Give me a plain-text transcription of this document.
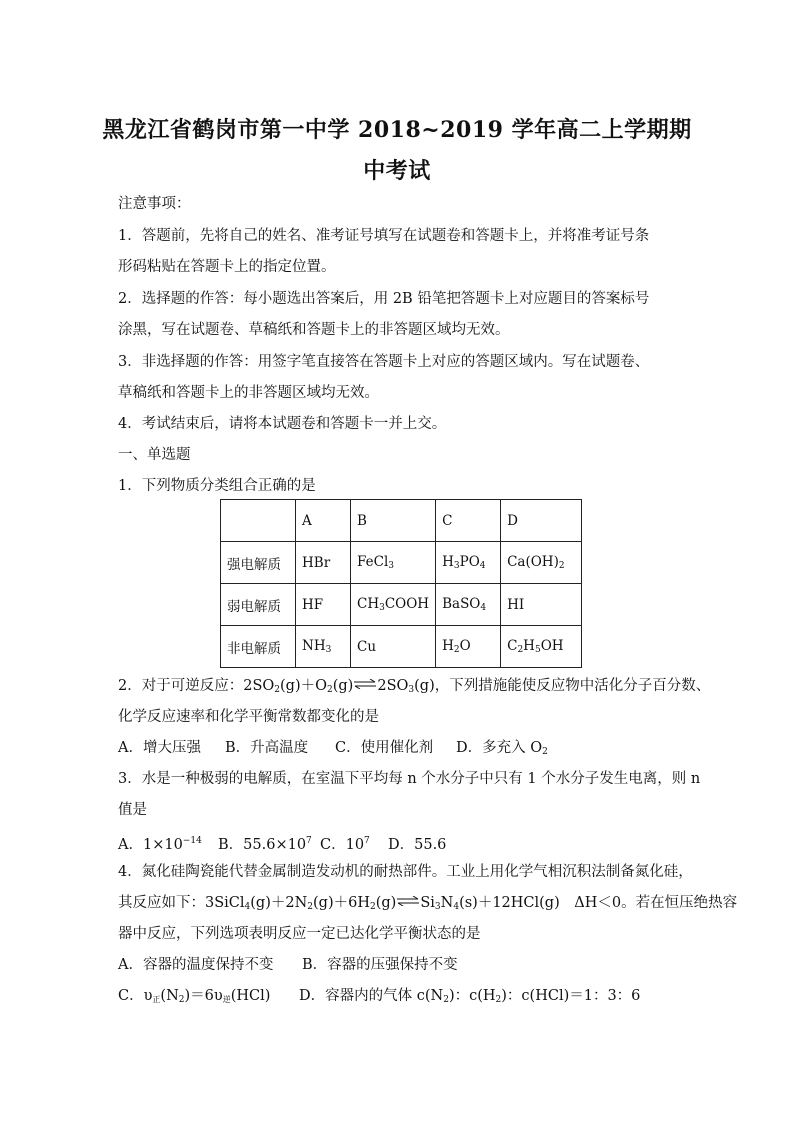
黑龙江省鹤岗市第一中学 2018~2019 学年高二上学期期
中考试
注意事项：
1．答题前，先将自己的姓名、准考证号填写在试题卷和答题卡上，并将准考证号条
形码粘贴在答题卡上的指定位置。
2．选择题的作答：每小题选出答案后，用 2B 铅笔把答题卡上对应题目的答案标号
涂黑，写在试题卷、草稿纸和答题卡上的非答题区域均无效。
3．非选择题的作答：用签字笔直接答在答题卡上对应的答题区域内。写在试题卷、
草稿纸和答题卡上的非答题区域均无效。
4．考试结束后，请将本试题卷和答题卡一并上交。
一、单选题
1．下列物质分类组合正确的是
	A	B	C	D
强电解质	HBr	FeCl$_3$	$H_3PO_4$	$Ca(OH)_2$
弱电解质	HF	$CH_3COOH$	BaSO$_4$	HI
非电解质	$NH_3$	Cu	$H_2O$	$C_2H_5OH$
2．对于可逆反应：$2SO_2(g)+O_2(g)\rightleftharpoons 2SO_3(g)$，下列措施能使反应物中活化分子百分数、
化学反应速率和化学平衡常数都变化的是
A．增大压强 B．升高温度 C．使用催化剂 D．多充入 $O_2$
3．水是一种极弱的电解质，在室温下平均每 n 个水分子中只有 1 个水分子发生电离，则 n
值是
A．$1\times 10^{-14}$ B．$55.6\times 10^7$ C．$10^7$ D．55.6
4．氮化硅陶瓷能代替金属制造发动机的耐热部件。工业上用化学气相沉积法制备氮化硅，
其反应如下：$3SiCl_4(g)+2N_2(g)+6H_2(g)\rightleftharpoons Si_3N_4(s)+12HCl(g)$　ΔH＜0。若在恒压绝热容
器中反应，下列选项表明反应一定已达化学平衡状态的是
A．容器的温度保持不变 B．容器的压强保持不变
C．$\upsilon_正(N_2)=6\upsilon_逆(HCl)$ D．容器内的气体 $c(N_2)$：$c(H_2)$：c(HCl)＝1：3：6
